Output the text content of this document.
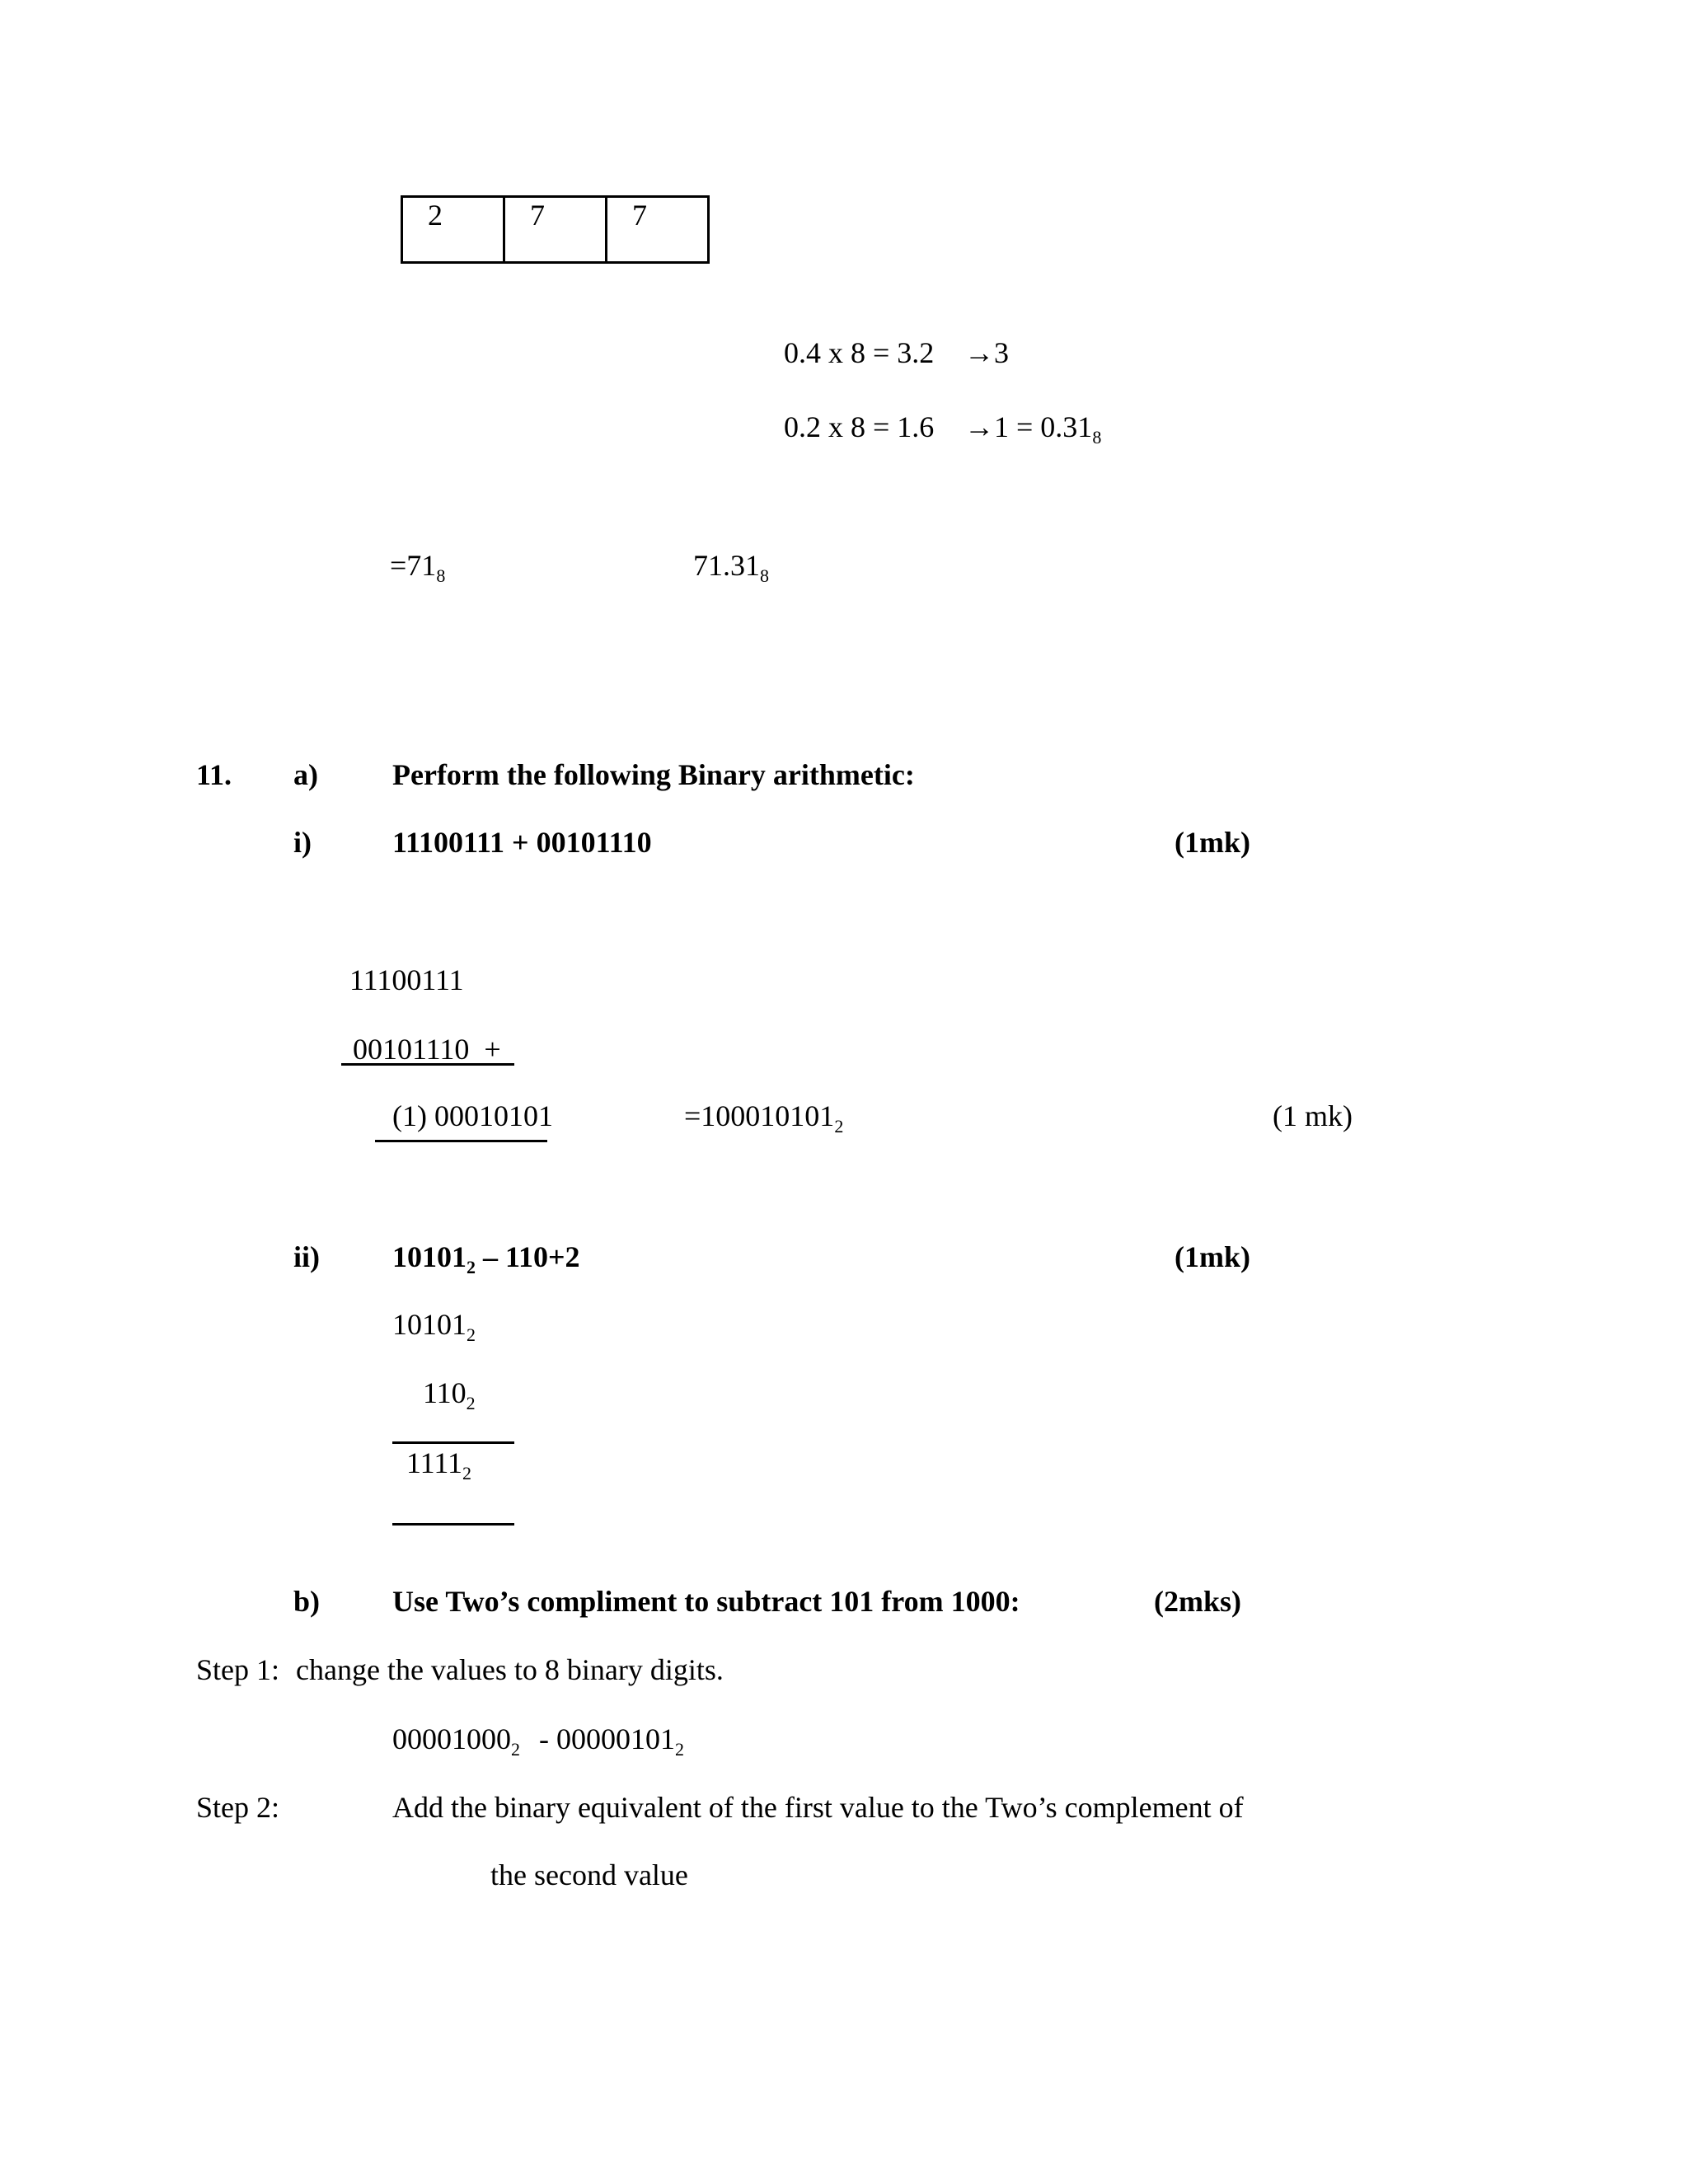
2	7	7
0.4 x 8 = 3.2 →3
0.2 x $8 = 1.6 \to 1 = 0.31_8$
$=71_8$	$71.31_8$
11. a)	Perform the following Binary arithmetic:
i)	11100111 + 00101110	(1mk)
11100111
00101110  +
(1) 00010101	$=100010101_2$	(1 mk)
ii) $10101_2 - 110+2$	(1mk)
$10101_2$
$110_2$
$1111_2$
b) Use Two’s compliment to subtract 101 from 1000:	(2mks)
Step 1: change the values to 8 binary digits.
$00001000_2 - 00000101_2$
Step 2:	Add the binary equivalent of the first value to the Two’s complement of
the second value
